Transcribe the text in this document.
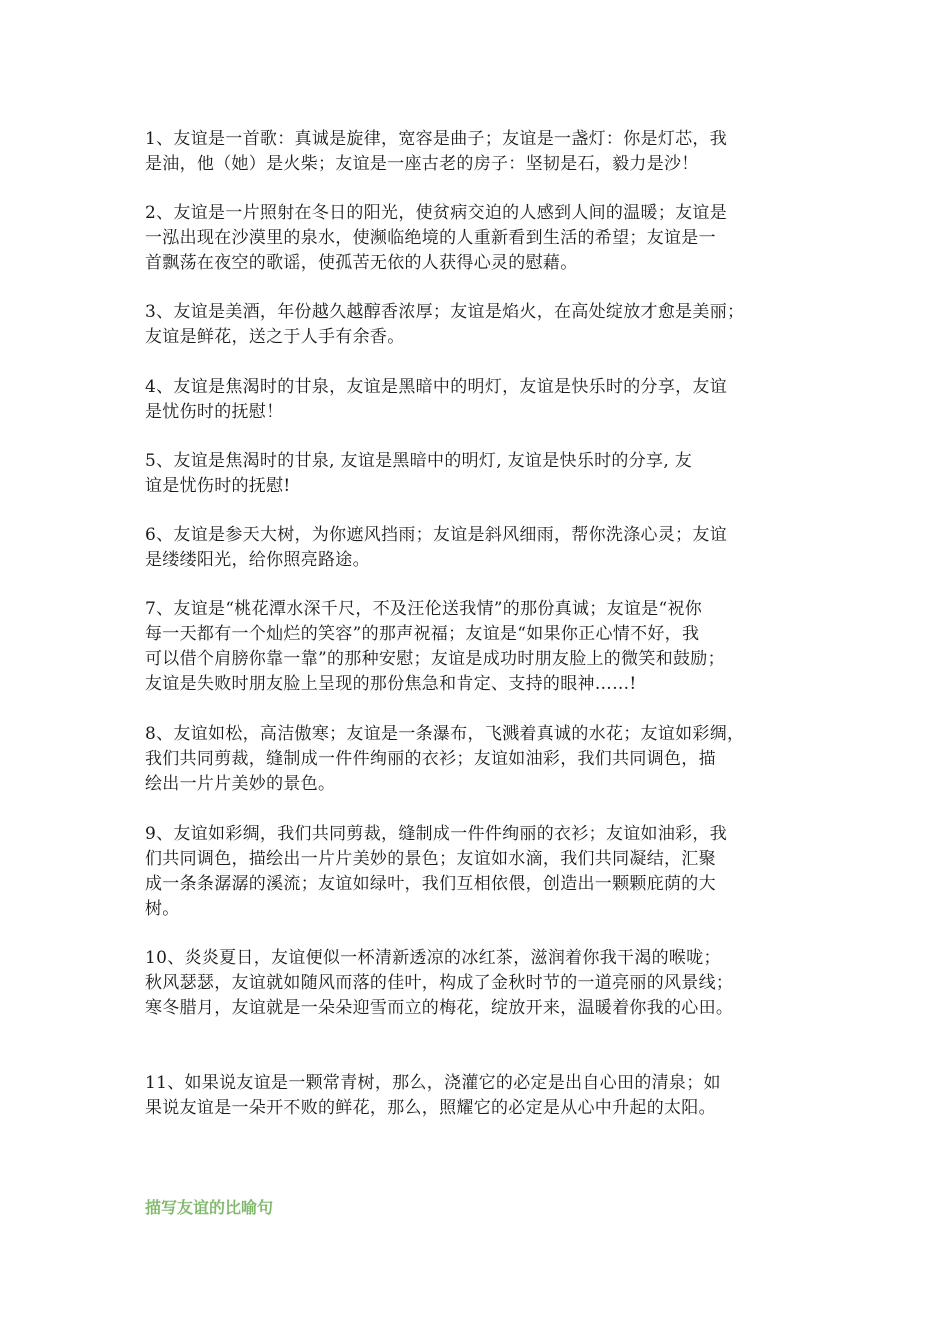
1、友谊是一首歌：真诚是旋律，宽容是曲子；友谊是一盏灯：你是灯芯，我
是油，他（她）是火柴；友谊是一座古老的房子：坚韧是石，毅力是沙！
2、友谊是一片照射在冬日的阳光，使贫病交迫的人感到人间的温暖；友谊是
一泓出现在沙漠里的泉水，使濒临绝境的人重新看到生活的希望；友谊是一
首飘荡在夜空的歌谣，使孤苦无依的人获得心灵的慰藉。
3、友谊是美酒，年份越久越醇香浓厚；友谊是焰火，在高处绽放才愈是美丽；
友谊是鲜花，送之于人手有余香。
4、友谊是焦渴时的甘泉，友谊是黑暗中的明灯，友谊是快乐时的分享，友谊
是忧伤时的抚慰！
5、友谊是焦渴时的甘泉, 友谊是黑暗中的明灯, 友谊是快乐时的分享, 友
谊是忧伤时的抚慰!
6、友谊是参天大树，为你遮风挡雨；友谊是斜风细雨，帮你洗涤心灵；友谊
是缕缕阳光，给你照亮路途。
7、友谊是“桃花潭水深千尺，不及汪伦送我情”的那份真诚；友谊是“祝你
每一天都有一个灿烂的笑容”的那声祝福；友谊是“如果你正心情不好，我
可以借个肩膀你靠一靠”的那种安慰；友谊是成功时朋友脸上的微笑和鼓励；
友谊是失败时朋友脸上呈现的那份焦急和肯定、支持的眼神……!
8、友谊如松，高洁傲寒；友谊是一条瀑布，飞溅着真诚的水花；友谊如彩绸，
我们共同剪裁，缝制成一件件绚丽的衣衫；友谊如油彩，我们共同调色，描
绘出一片片美妙的景色。
9、友谊如彩绸，我们共同剪裁，缝制成一件件绚丽的衣衫；友谊如油彩，我
们共同调色，描绘出一片片美妙的景色；友谊如水滴，我们共同凝结，汇聚
成一条条潺潺的溪流；友谊如绿叶，我们互相依偎，创造出一颗颗庇荫的大
树。
10、炎炎夏日，友谊便似一杯清新透凉的冰红茶，滋润着你我干渴的喉咙；
秋风瑟瑟，友谊就如随风而落的佳叶，构成了金秋时节的一道亮丽的风景线；
寒冬腊月，友谊就是一朵朵迎雪而立的梅花，绽放开来，温暖着你我的心田。
11、如果说友谊是一颗常青树，那么，浇灌它的必定是出自心田的清泉；如
果说友谊是一朵开不败的鲜花，那么，照耀它的必定是从心中升起的太阳。
描写友谊的比喻句
